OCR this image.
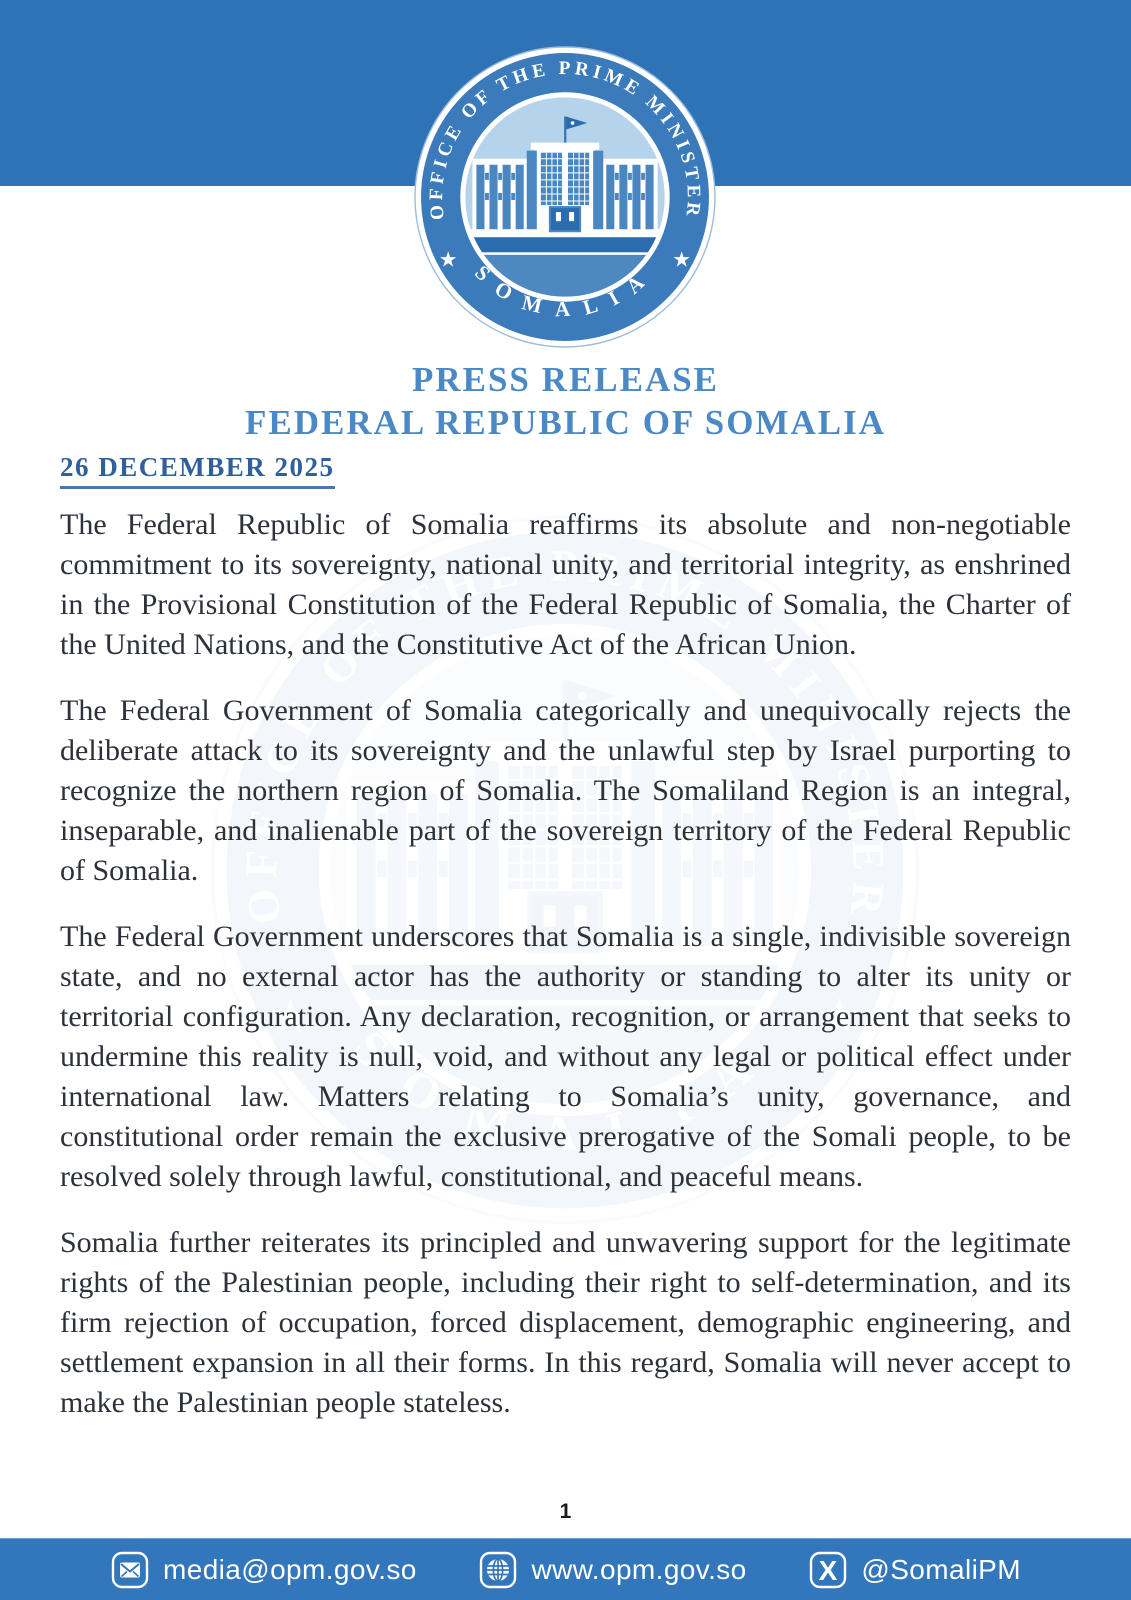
PRESS RELEASE
FEDERAL REPUBLIC OF SOMALIA
26 DECEMBER 2025

The Federal Republic of Somalia reaffirms its absolute and non-negotiable commitment to its sovereignty, national unity, and territorial integrity, as enshrined in the Provisional Constitution of the Federal Republic of Somalia, the Charter of the United Nations, and the Constitutive Act of the African Union.

The Federal Government of Somalia categorically and unequivocally rejects the deliberate attack to its sovereignty and the unlawful step by Israel purporting to recognize the northern region of Somalia. The Somaliland Region is an integral, inseparable, and inalienable part of the sovereign territory of the Federal Republic of Somalia.

The Federal Government underscores that Somalia is a single, indivisible sovereign state, and no external actor has the authority or standing to alter its unity or territorial configuration. Any declaration, recognition, or arrangement that seeks to undermine this reality is null, void, and without any legal or political effect under international law. Matters relating to Somalia’s unity, governance, and constitutional order remain the exclusive prerogative of the Somali people, to be resolved solely through lawful, constitutional, and peaceful means.

Somalia further reiterates its principled and unwavering support for the legitimate rights of the Palestinian people, including their right to self-determination, and its firm rejection of occupation, forced displacement, demographic engineering, and settlement expansion in all their forms. In this regard, Somalia will never accept to make the Palestinian people stateless.

1
media@opm.gov.so	www.opm.gov.so	X @SomaliPM
